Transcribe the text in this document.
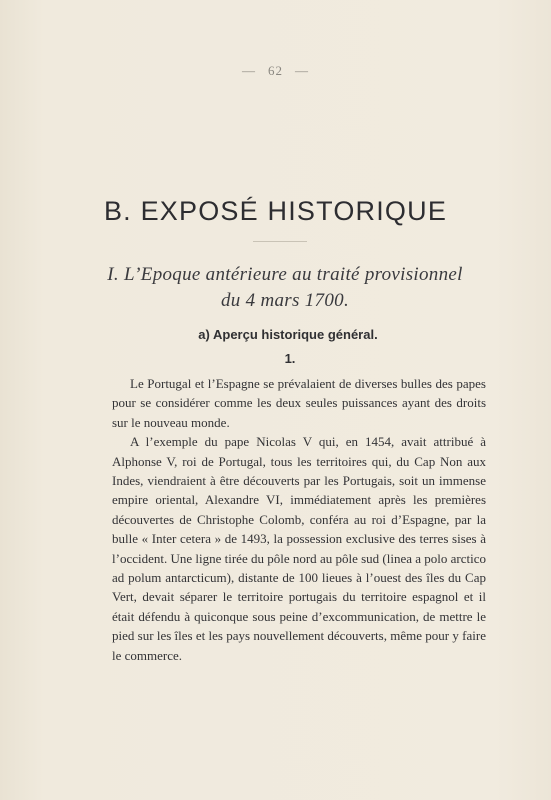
— 62 —
B. EXPOSÉ HISTORIQUE
I. L’Epoque antérieure au traité provisionnel
du 4 mars 1700.
a) Aperçu historique général.
1.

Le Portugal et l’Espagne se prévalaient de diverses bulles des papes pour se considérer comme les deux seules puissances ayant des droits sur le nouveau monde.

A l’exemple du pape Nicolas V qui, en 1454, avait attribué à Alphonse V, roi de Portugal, tous les territoires qui, du Cap Non aux Indes, viendraient à être découverts par les Portugais, soit un immense empire oriental, Alexandre VI, immédiatement après les premières découvertes de Christophe Colomb, conféra au roi d’Espagne, par la bulle « Inter cetera » de 1493, la possession exclusive des terres sises à l’occident. Une ligne tirée du pôle nord au pôle sud (linea a polo arctico ad polum antarcticum), distante de 100 lieues à l’ouest des îles du Cap Vert, devait séparer le territoire portugais du territoire espagnol et il était défendu à quiconque sous peine d’excommunication, de mettre le pied sur les îles et les pays nouvellement découverts, même pour y faire le commerce.
